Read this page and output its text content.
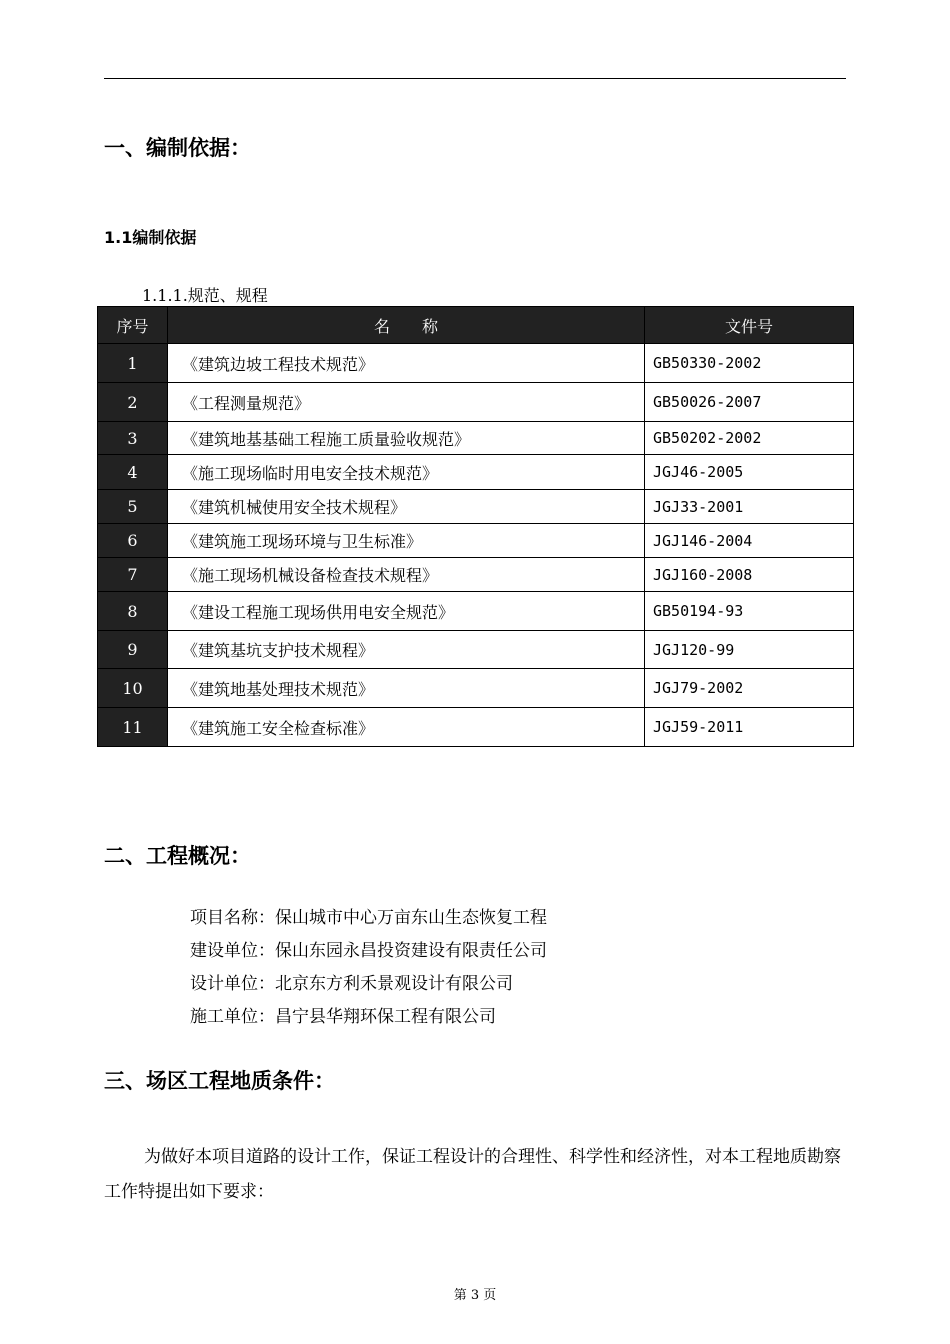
一、编制依据：
1.1编制依据
1.1.1.规范、规程
序号	名　　称	文件号
1	《建筑边坡工程技术规范》	GB50330-2002
2	《工程测量规范》	GB50026-2007
3	《建筑地基基础工程施工质量验收规范》	GB50202-2002
4	《施工现场临时用电安全技术规范》	JGJ46-2005
5	《建筑机械使用安全技术规程》	JGJ33-2001
6	《建筑施工现场环境与卫生标准》	JGJ146-2004
7	《施工现场机械设备检查技术规程》	JGJ160-2008
8	《建设工程施工现场供用电安全规范》	GB50194-93
9	《建筑基坑支护技术规程》	JGJ120-99
10	《建筑地基处理技术规范》	JGJ79-2002
11	《建筑施工安全检查标准》	JGJ59-2011
二、工程概况：
项目名称：保山城市中心万亩东山生态恢复工程
建设单位：保山东园永昌投资建设有限责任公司
设计单位：北京东方利禾景观设计有限公司
施工单位：昌宁县华翔环保工程有限公司
三、场区工程地质条件：
为做好本项目道路的设计工作，保证工程设计的合理性、科学性和经济性，对本工程地质勘察工作特提出如下要求：
第 3 页
